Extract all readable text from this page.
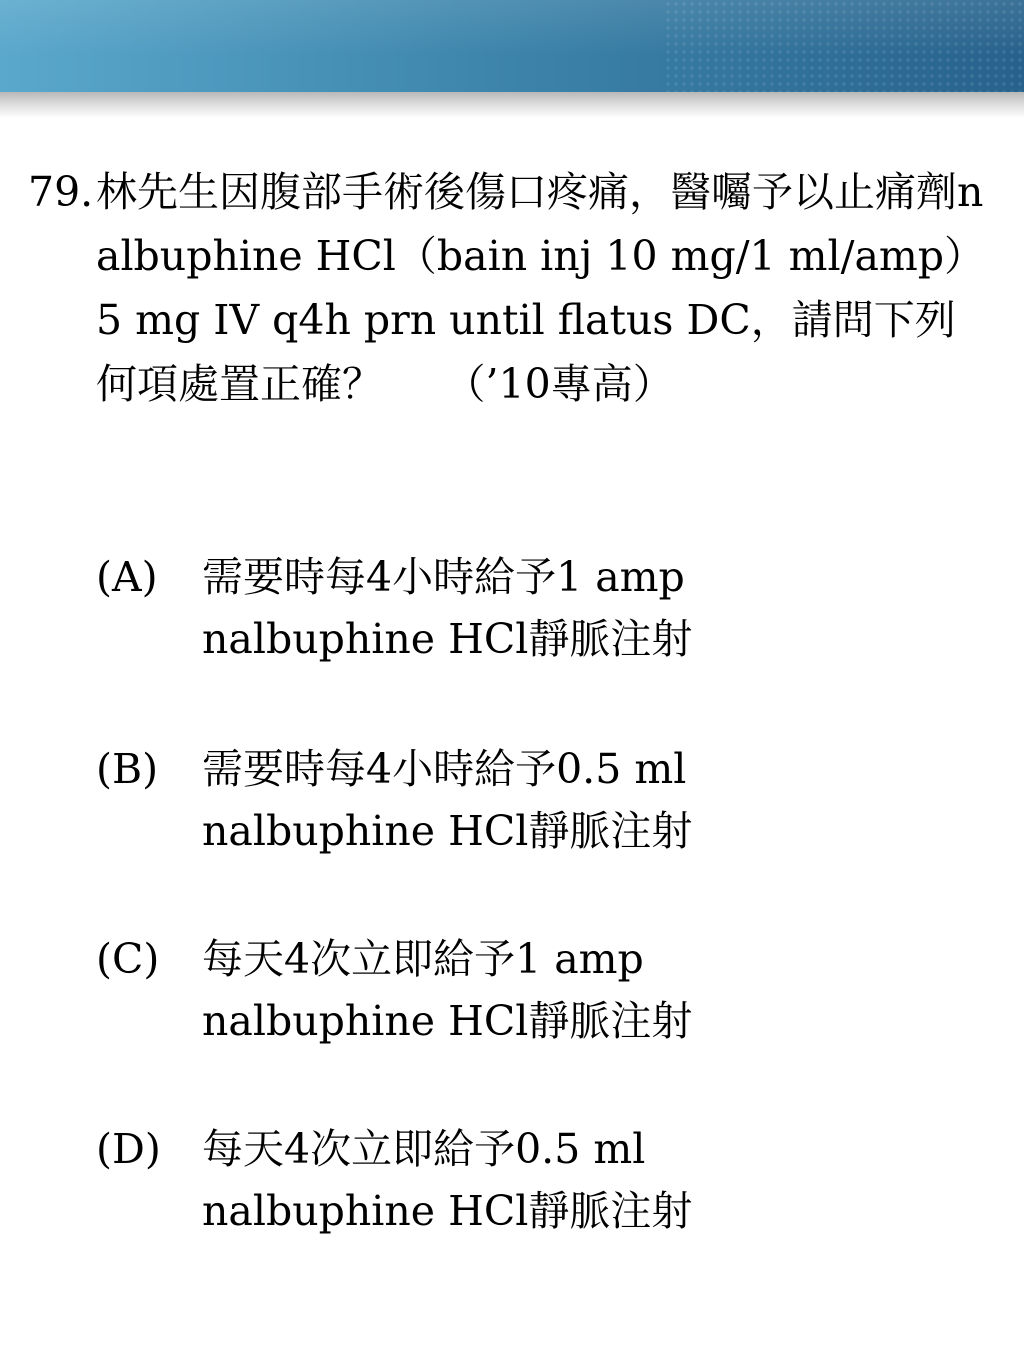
79. 林先生因腹部手術後傷口疼痛，醫囑予以止痛劑nalbuphine HCl（bain inj 10 mg/1 ml/amp）5 mg IV q4h prn until flatus DC，請問下列何項處置正確？　　（’10專高）
(A) 需要時每4小時給予1 amp
nalbuphine HCl靜脈注射
(B) 需要時每4小時給予0.5 ml
nalbuphine HCl靜脈注射
(C) 每天4次立即給予1 amp
nalbuphine HCl靜脈注射
(D) 每天4次立即給予0.5 ml
nalbuphine HCl靜脈注射
